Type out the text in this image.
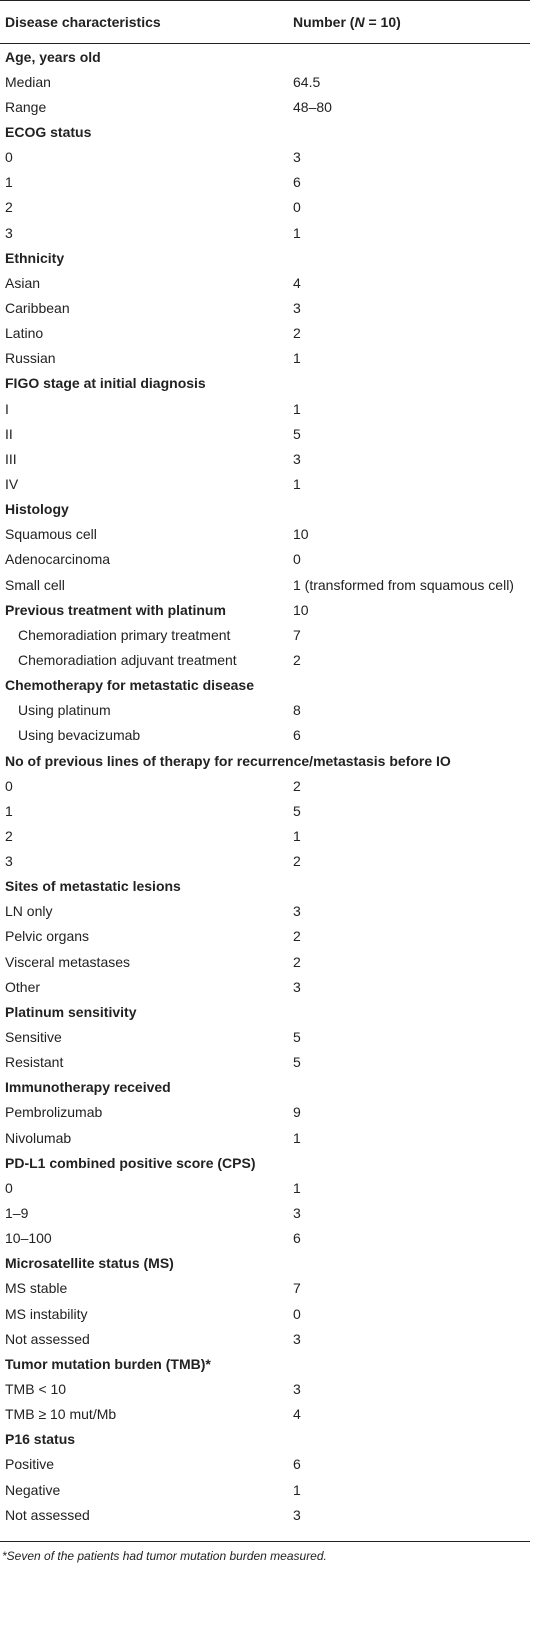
Disease characteristics	Number (N = 10)
Age, years old
Median	64.5
Range	48–80
ECOG status
0	3
1	6
2	0
3	1
Ethnicity
Asian	4
Caribbean	3
Latino	2
Russian	1
FIGO stage at initial diagnosis
I	1
II	5
III	3
IV	1
Histology
Squamous cell	10
Adenocarcinoma	0
Small cell	1 (transformed from squamous cell)
Previous treatment with platinum	10
Chemoradiation primary treatment	7
Chemoradiation adjuvant treatment	2
Chemotherapy for metastatic disease
Using platinum	8
Using bevacizumab	6
No of previous lines of therapy for recurrence/metastasis before IO
0	2
1	5
2	1
3	2
Sites of metastatic lesions
LN only	3
Pelvic organs	2
Visceral metastases	2
Other	3
Platinum sensitivity
Sensitive	5
Resistant	5
Immunotherapy received
Pembrolizumab	9
Nivolumab	1
PD-L1 combined positive score (CPS)
0	1
1–9	3
10–100	6
Microsatellite status (MS)
MS stable	7
MS instability	0
Not assessed	3
Tumor mutation burden (TMB)*
TMB < 10	3
TMB ≥ 10 mut/Mb	4
P16 status
Positive	6
Negative	1
Not assessed	3
*Seven of the patients had tumor mutation burden measured.
